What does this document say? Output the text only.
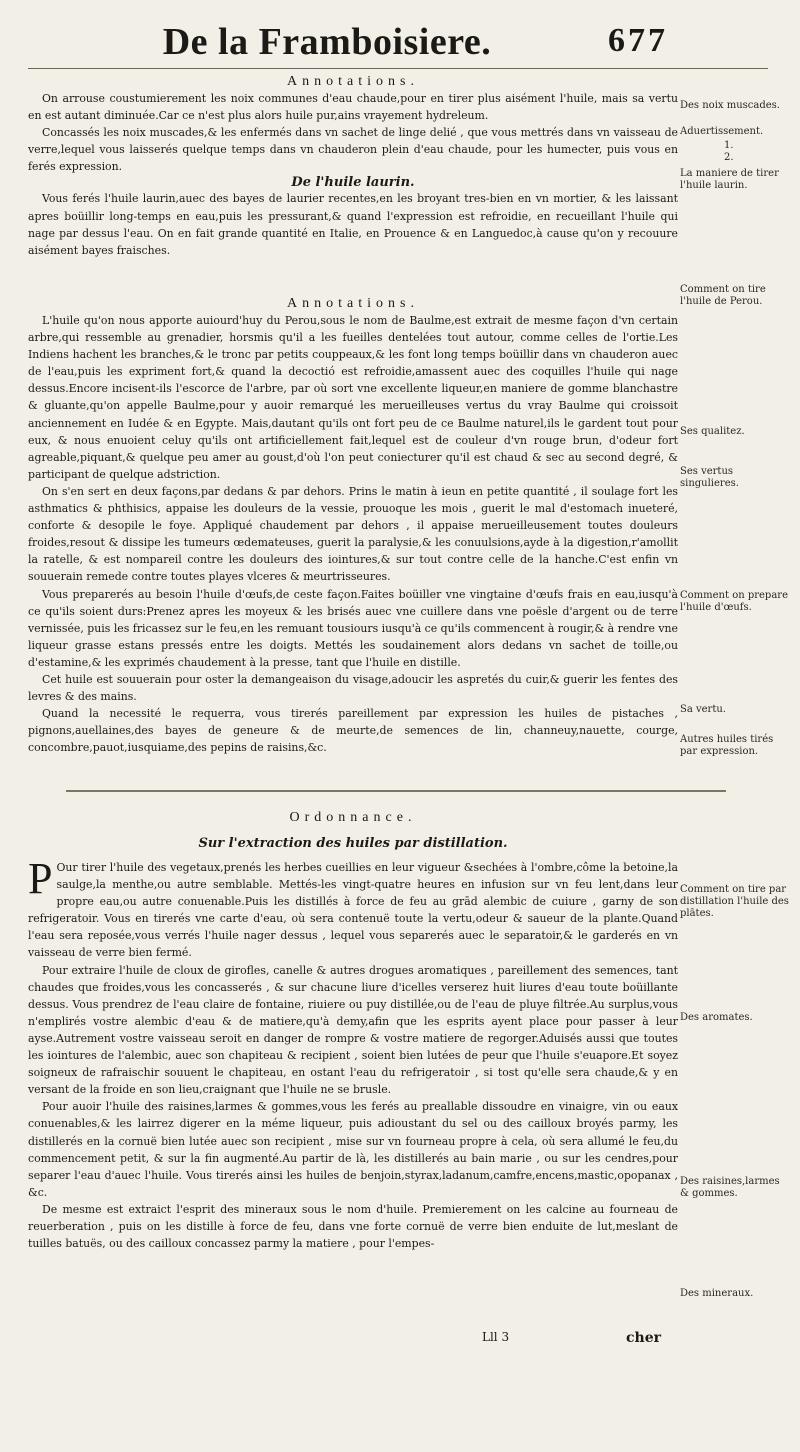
De la Framboisiere.	677
Annotations.

On arrouse coustumierement les noix communes d'eau chaude,pour en tirer plus aisément l'huile, mais sa vertu en est autant diminuée.Car ce n'est plus alors huile pur,ains vrayement hydreleum.

Concassés les noix muscades,& les enfermés dans vn sachet de linge delié , que vous mettrés dans vn vaisseau de verre,lequel vous laisserés quelque temps dans vn chauderon plein d'eau chaude, pour les humecter, puis vous en ferés expression.

De l'huile laurin.

Vous ferés l'huile laurin,auec des bayes de laurier recentes,en les broyant tres-bien en vn mortier, & les laissant apres boüillir long-temps en eau,puis les pressurant,& quand l'expression est refroidie, en recueillant l'huile qui nage par dessus l'eau. On en fait grande quantité en Italie, en Prouence & en Languedoc,à cause qu'on y recouure aisément bayes fraisches.

Annotations.

L'huile qu'on nous apporte auiourd'huy du Perou,sous le nom de Baulme,est extrait de mesme façon d'vn certain arbre,qui ressemble au grenadier, horsmis qu'il a les fueilles dentelées tout autour, comme celles de l'ortie.Les Indiens hachent les branches,& le tronc par petits couppeaux,& les font long temps boüillir dans vn chauderon auec de l'eau,puis les expriment fort,& quand la decoctió est refroidie,amassent auec des coquilles l'huile qui nage dessus.Encore incisent-ils l'escorce de l'arbre, par où sort vne excellente liqueur,en maniere de gomme blanchastre & gluante,qu'on appelle Baulme,pour y auoir remarqué les merueilleuses vertus du vray Baulme qui croissoit anciennement en Iudée & en Egypte. Mais,dautant qu'ils ont fort peu de ce Baulme naturel,ils le gardent tout pour eux, & nous enuoient celuy qu'ils ont artificiellement fait,lequel est de couleur d'vn rouge brun, d'odeur fort agreable,piquant,& quelque peu amer au goust,d'où l'on peut coniecturer qu'il est chaud & sec au second degré, & participant de quelque adstriction.

On s'en sert en deux façons,par dedans & par dehors. Prins le matin à ieun en petite quantité , il soulage fort les asthmatics & phthisics, appaise les douleurs de la vessie, prouoque les mois , guerit le mal d'estomach inueteré, conforte & desopile le foye. Appliqué chaudement par dehors , il appaise merueilleusement toutes douleurs froides,resout & dissipe les tumeurs œdemateuses, guerit la paralysie,& les conuulsions,ayde à la digestion,r'amollit la ratelle, & est nompareil contre les douleurs des iointures,& sur tout contre celle de la hanche.C'est enfin vn souuerain remede contre toutes playes vlceres & meurtrisseures.

Vous preparerés au besoin l'huile d'œufs,de ceste façon.Faites boüiller vne vingtaine d'œufs frais en eau,iusqu'à ce qu'ils soient durs:Prenez apres les moyeux & les brisés auec vne cuillere dans vne poësle d'argent ou de terre vernissée, puis les fricassez sur le feu,en les remuant tousiours iusqu'à ce qu'ils commencent à rougir,& à rendre vne liqueur grasse estans pressés entre les doigts. Mettés les soudainement alors dedans vn sachet de toille,ou d'estamine,& les exprimés chaudement à la presse, tant que l'huile en distille.

Cet huile est souuerain pour oster la demangeaison du visage,adoucir les aspretés du cuir,& guerir les fentes des levres & des mains.

Quand la necessité le requerra, vous tirerés pareillement par expression les huiles de pistaches , pignons,auellaines,des bayes de geneure & de meurte,de semences de lin, channeuy,nauette, courge, concombre,pauot,iusquiame,des pepins de raisins,&c.

Ordonnance.
Sur l'extraction des huiles par distillation.

P Our tirer l'huile des vegetaux,prenés les herbes cueillies en leur vigueur &sechées à l'ombre,côme la betoine,la saulge,la menthe,ou autre semblable. Mettés-les vingt-quatre heures en infusion sur vn feu lent,dans leur propre eau,ou autre conuenable.Puis les distillés à force de feu au grād alembic de cuiure , garny de son refrigeratoir. Vous en tirerés vne carte d'eau, où sera contenuë toute la vertu,odeur & saueur de la plante.Quand l'eau sera reposée,vous verrés l'huile nager dessus , lequel vous separerés auec le separatoir,& le garderés en vn vaisseau de verre bien fermé.

Pour extraire l'huile de cloux de girofles, canelle & autres drogues aromatiques , pareillement des semences, tant chaudes que froides,vous les concasserés , & sur chacune liure d'icelles verserez huit liures d'eau toute boüillante dessus. Vous prendrez de l'eau claire de fontaine, riuiere ou puy distillée,ou de l'eau de pluye filtrée.Au surplus,vous n'emplirés vostre alembic d'eau & de matiere,qu'à demy,afin que les esprits ayent place pour passer à leur ayse.Autrement vostre vaisseau seroit en danger de rompre & vostre matiere de regorger.Aduisés aussi que toutes les iointures de l'alembic, auec son chapiteau & recipient , soient bien lutées de peur que l'huile s'euapore.Et soyez soigneux de rafraischir souuent le chapiteau, en ostant l'eau du refrigeratoir , si tost qu'elle sera chaude,& y en versant de la froide en son lieu,craignant que l'huile ne se brusle.

Pour auoir l'huile des raisines,larmes & gommes,vous les ferés au preallable dissoudre en vinaigre, vin ou eaux conuenables,& les lairrez digerer en la méme liqueur, puis adioustant du sel ou des cailloux broyés parmy, les distillerés en la cornuë bien lutée auec son recipient , mise sur vn fourneau propre à cela, où sera allumé le feu,du commencement petit, & sur la fin augmenté.Au partir de là, les distillerés au bain marie , ou sur les cendres,pour separer l'eau d'auec l'huile. Vous tirerés ainsi les huiles de benjoin,styrax,ladanum,camfre,encens,mastic,opopanax , &c.

De mesme est extraict l'esprit des mineraux sous le nom d'huile. Premierement on les calcine au fourneau de reuerberation , puis on les distille à force de feu, dans vne forte cornuë de verre bien enduite de lut,meslant de tuilles batuës, ou des cailloux concassez parmy la matiere , pour l'empes-

Des noix muscades.
Aduertissement.
1.
2.
La maniere de tirer l'huile laurin.
Comment on tire l'huile de Perou.
Ses qualitez.
Ses vertus singulieres.
Comment on prepare l'huile d'œufs.
Sa vertu.
Autres huiles tirés par expression.
Comment on tire par distillation l'huile des plātes.
Des aromates.
Des raisines,larmes & gommes.
Des mineraux.
Lll 3	cher
